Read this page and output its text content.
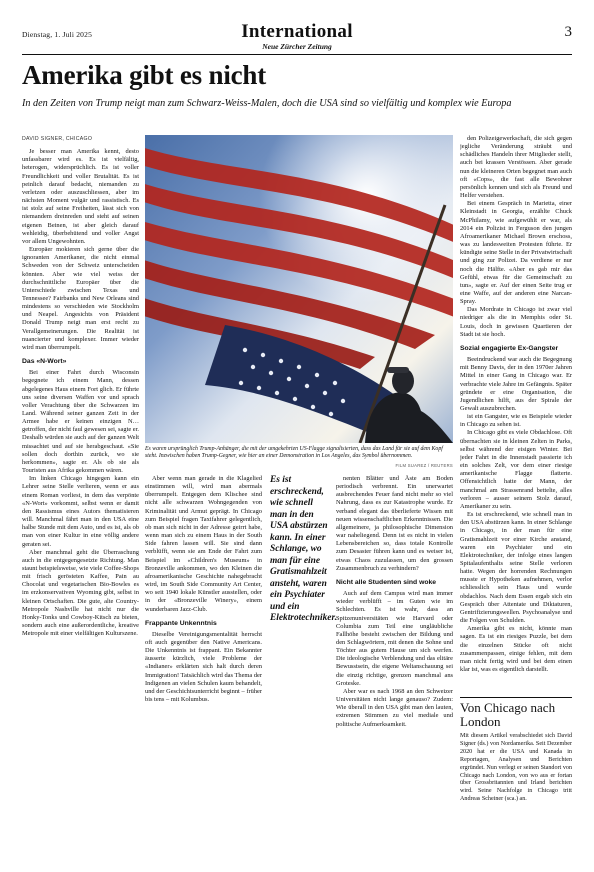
Dienstag, 1. Juli 2025	International
Neue Zürcher Zeitung
3
Amerika gibt es nicht
In den Zeiten von Trump neigt man zum Schwarz-Weiss-Malen, doch die USA sind so vielfältig und komplex wie Europa
DAVID SIGNER, CHICAGO

Je besser man Amerika kennt, desto unfassbarer wird es. Es ist vielfältig, heterogen, widersprüchlich. Es ist voller Freundlichkeit und voller Brutalität. Es ist peinlich darauf bedacht, niemanden zu verletzen oder auszuschliessen, aber im nächsten Moment vulgär und rassistisch. Es ist stolz auf seine Freiheiten, lässt sich von niemandem dreinreden und steht auf seinen eigenen Beinen, ist aber gleich darauf wehleidig, überbehütend und voller Angst vor allem Ungewohnten.

Europäer mokieren sich gerne über die ignoranten Amerikaner, die nicht einmal Schweden von der Schweiz unterscheiden könnten. Aber wie viel weiss der durchschnittliche Europäer über die Unterschiede zwischen Texas und Tennessee? Fairbanks und New Orleans sind mindestens so verschieden wie Stockholm und Neapel. Angesichts von Präsident Donald Trump neigt man erst recht zu Verallgemeinerungen. Die Realität ist nuancierter und komplexer. Immer wieder wird man überrumpelt.

Das «N-Wort»

Bei einer Fahrt durch Wisconsin begegnete ich einem Mann, dessen abgelegenes Haus einem Fort glich. Er führte uns seine diversen Waffen vor und sprach voller Verachtung über die Schwarzen im Land. Während seiner ganzen Zeit in der Armee habe er keinen einzigen N… getroffen, der nicht faul gewesen sei, sagte er. Deshalb würden sie auch auf der ganzen Welt missachtet und auf sie herabgeschaut. «Sie sollen doch dorthin zurück, wo sie herkommen», sagte er. Als ob sie als Touristen aus Afrika gekommen wären.

Im linken Chicago hingegen kann ein Lehrer seine Stelle verlieren, wenn er aus einem Roman vorliest, in dem das verpönte «N-Wort» vorkommt, selbst wenn er damit den Rassismus eines Autors thematisieren will. Manchmal fährt man in den USA eine halbe Stunde mit dem Auto, und es ist, als ob man von einer Kultur in eine völlig andere geraten sei.

Aber manchmal geht die Überraschung auch in die entgegengesetzte Richtung. Man staunt beispielsweise, wie viele Coffee-Shops mit frisch gerösteten Kaffee, Pain au Chocolat und vegetarischen Bio-Bowles es im erzkonservativen Wyoming gibt, selbst in kleinen Ortschaften. Die gute, alte Country-Metropole Nashville hat nicht nur die Honky-Tonks und Cowboy-Kitsch zu bieten, sondern auch eine außerordentliche, kreative Metropole mit einer vielfältigen Kulturszene.

Es waren ursprünglich Trump-Anhänger, die mit der umgekehrten US-Flagge signalisierten, dass das Land für sie auf dem Kopf steht. Inzwischen haben Trump-Gegner, wie hier an einer Demonstration in Los Angeles, das Symbol übernommen.
FILM SUAREZ / REUTERS

Aber wenn man gerade in die Klagelied einstimmen will, wird man abermals überrumpelt. Entgegen dem Klischee sind nicht alle schwarzen Wohngegenden von Kriminalität und Armut geprägt. In Chicago zum Beispiel fragen Taxifahrer gelegentlich, ob man sich nicht in der Adresse geirrt habe, wenn man sich zu einem Haus in der South Side fahren lassen will. Sie sind dann verblüfft, wenn sie am Ende der Fahrt zum Beispiel im «Children's Museum» in Bronzeville ankommen, wo den Kleinen die afroamerikanische Geschichte nahegebracht wird, im South Side Community Art Center, wo seit 1940 lokale Künstler ausstellen, oder in der «Bronzeville Winery», einem wunderbaren Jazz-Club.

Frappante Unkenntnis

Dieselbe Vereinigungsmentalität herrscht oft auch gegenüber den Native Americans. Die Unkenntnis ist frappant. Ein Bekannter äusserte kürzlich, viele Probleme der «Indianer» erklärten sich halt durch deren Immigration! Tatsächlich wird das Thema der Indigenen an vielen Schulen kaum behandelt, und der Geschichtsunterricht beginnt – früher bis tens – mit Kolumbus.

Es ist erschreckend, wie schnell man in den USA abstürzen kann. In einer Schlange, wo man für eine Gratismahlzeit ansteht, waren ein Psychiater und ein Elektrotechniker.

nenten Blätter und Äste am Boden periodisch verbrennt. Ein unerwartet ausbrechendes Feuer fand nicht mehr so viel Nahrung, dass es zur Katastrophe wurde. Er verband elegant das überlieferte Wissen mit neuen wissenschaftlichen Erkenntnissen. Die allgemeinere, ja philosophische Dimension war naheliegend. Denn ist es nicht in vielen Lebensbereichen so, dass totale Kontrolle zum Desaster führen kann und es weiser ist, etwas Chaos zuzulassen, um den grossen Zusammenbruch zu verhindern?

Nicht alle Studenten sind woke

Auch auf dem Campus wird man immer wieder verblüfft – im Guten wie im Schlechten. Es ist wahr, dass an Spitzenuniversitäten wie Harvard oder Columbia zum Teil eine ungläubliche Fallhöhe besteht zwischen der Bildung und den Schlagwörtern, mit denen die Sohne und Töchter aus gutem Hause um sich werfen. Die ideologische Verblendung und das elitäre Bewusstsein, die eigene Weltanschauung sei die einzig richtige, grenzen manchmal ans Groteske.

Aber war es nach 1968 an den Schweizer Universitäten nicht lange genauso? Zudem: Wie überall in den USA gibt man den lauten, extremen Stimmen zu viel mediale und politische Aufmerksamkeit.

den Polizeigewerkschaft, die sich gegen jegliche Veränderung sträubt und schädliches Handeln ihrer Mitglieder stellt, auch bei krassen Verstössen. Aber gerade nun die kleineren Orten begegnet man auch oft «Cops», die fast alle Bewohner persönlich kennen und sich als Freund und Helfer verstehen.

Bei einem Gespräch in Marietta, einer Kleinstadt in Georgia, erzählte Chuck McPhilamy, wie aufgewühlt er war, als 2014 ein Polizist in Ferguson den jungen Afroamerikaner Michael Brown erschoss, was zu landesweiten Protesten führte. Er kündigte seine Stelle in der Privatwirtschaft und ging zur Polizei. Da verdiene er nur noch die Hälfte. «Aber es gab mir das Gefühl, etwas für die Gemeinschaft zu tun», sagte er. Auf der einen Seite trug er eine Waffe, auf der anderen eine Narcan-Spray.

Das Mordrate in Chicago ist zwar viel niedriger als die in Memphis oder St. Louis, doch in gewissen Quartieren der Stadt ist sie hoch.

Sozial engagierte Ex-Gangster

Beeindruckend war auch die Begegnung mit Benny Davis, der in den 1970er Jahren Mittel in einer Gang in Chicago war. Er verbrachte viele Jahre im Gefängnis. Später gründete er eine Organisation, die Jugendlichen hilft, aus der Spirale der Gewalt auszubrechen.

ist ein Gangster, wie es Beispiele wieder in Chicago zu sehen ist.

In Chicago gibt es viele Obdachlose. Oft übernachten sie in kleinen Zelten in Parks, selbst während der eisigen Winter. Bei jeder Fahrt in die Innenstadt passierte ich ein solches Zelt, vor dem einer riesige amerikanische Flagge flatterte. Offensichtlich hatte der Mann, der manchmal am Strassenrand bettelte, alles verloren – ausser seinem Stolz darauf, Amerikaner zu sein.

Es ist erschreckend, wie schnell man in den USA abstürzen kann. In einer Schlange in Chicago, in der man für eine Gratismahlzeit vor einer Kirche anstand, waren ein Psychiater und ein Elektrotechniker, der infolge eines langen Spitalaufenthalts seine Stelle verloren hatte. Wegen der horrenden Rechnungen musste er Hypotheken aufnehmen, verlor schliesslich sein Haus und wurde obdachlos. Nach dem Essen ergab sich ein Gespräch über Attentate und Diktaturen, Gentrifizierungswellen. Psychoanalyse und die Folgen von Schulden.

Amerika gibt es nicht, könnte man sagen. Es ist ein riesiges Puzzle, bei dem die einzelnen Stücke oft nicht zusammenpassen, einige fehlen, mit dem man nicht fertig wird und bei dem einen klar ist, was es eigentlich darstellt.

Von Chicago nach London
Mit diesem Artikel verabschiedet sich David Signer (ds.) von Nordamerika. Seit Dezember 2020 hat er die USA und Kanada in Reportagen, Analysen und Berichten ergründet. Nun verlegt er seinen Standort von Chicago nach London, von wo aus er fortan über Grossbritannien und Irland berichten wird. Seine Nachfolge in Chicago tritt Andreas Scheiner (sca.) an.
